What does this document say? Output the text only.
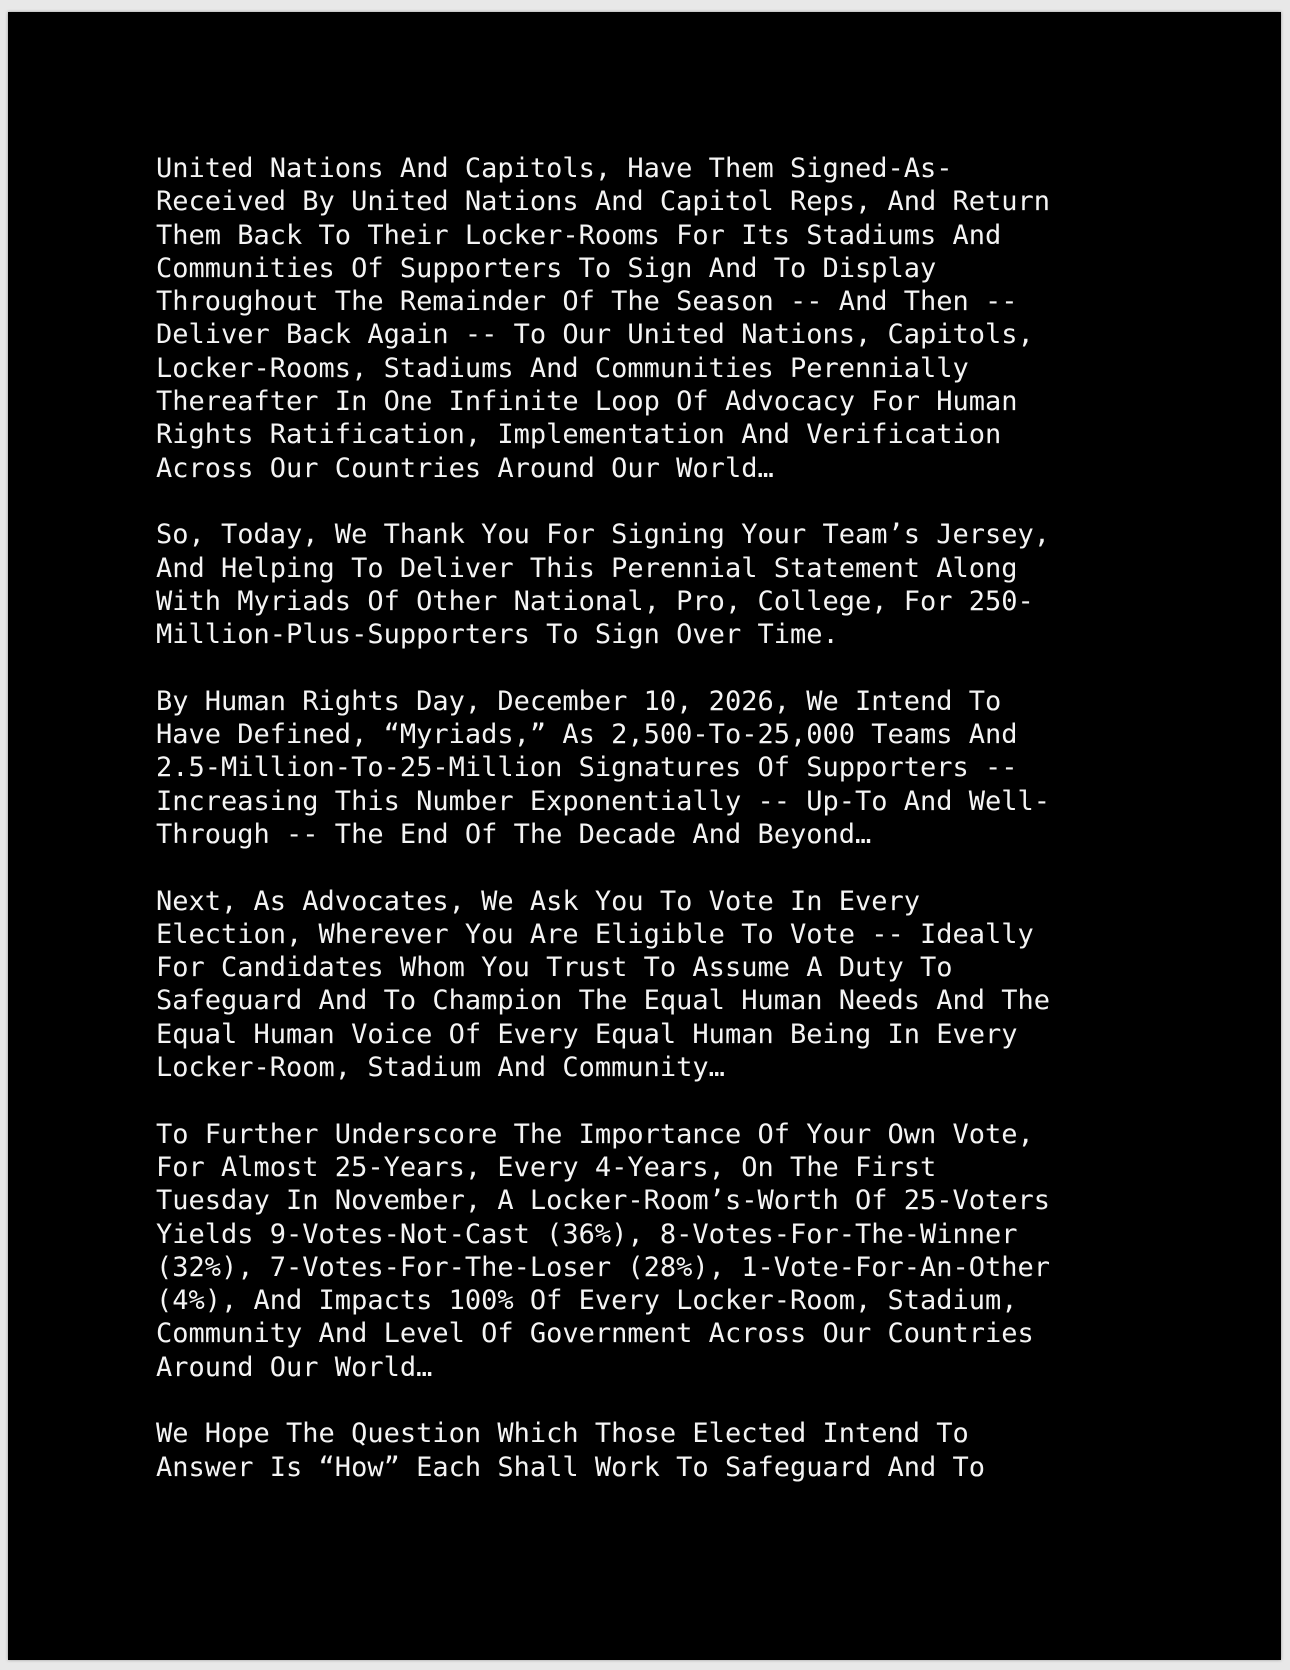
United Nations And Capitols, Have Them Signed-As-
Received By United Nations And Capitol Reps, And Return
Them Back To Their Locker-Rooms For Its Stadiums And
Communities Of Supporters To Sign And To Display
Throughout The Remainder Of The Season -- And Then --
Deliver Back Again -- To Our United Nations, Capitols,
Locker-Rooms, Stadiums And Communities Perennially
Thereafter In One Infinite Loop Of Advocacy For Human
Rights Ratification, Implementation And Verification
Across Our Countries Around Our World…

So, Today, We Thank You For Signing Your Team’s Jersey,
And Helping To Deliver This Perennial Statement Along
With Myriads Of Other National, Pro, College, For 250-
Million-Plus-Supporters To Sign Over Time.

By Human Rights Day, December 10, 2026, We Intend To
Have Defined, “Myriads,” As 2,500-To-25,000 Teams And
2.5-Million-To-25-Million Signatures Of Supporters --
Increasing This Number Exponentially -- Up-To And Well-
Through -- The End Of The Decade And Beyond…

Next, As Advocates, We Ask You To Vote In Every
Election, Wherever You Are Eligible To Vote -- Ideally
For Candidates Whom You Trust To Assume A Duty To
Safeguard And To Champion The Equal Human Needs And The
Equal Human Voice Of Every Equal Human Being In Every
Locker-Room, Stadium And Community…

To Further Underscore The Importance Of Your Own Vote,
For Almost 25-Years, Every 4-Years, On The First
Tuesday In November, A Locker-Room’s-Worth Of 25-Voters
Yields 9-Votes-Not-Cast (36%), 8-Votes-For-The-Winner
(32%), 7-Votes-For-The-Loser (28%), 1-Vote-For-An-Other
(4%), And Impacts 100% Of Every Locker-Room, Stadium,
Community And Level Of Government Across Our Countries
Around Our World…

We Hope The Question Which Those Elected Intend To
Answer Is “How” Each Shall Work To Safeguard And To
